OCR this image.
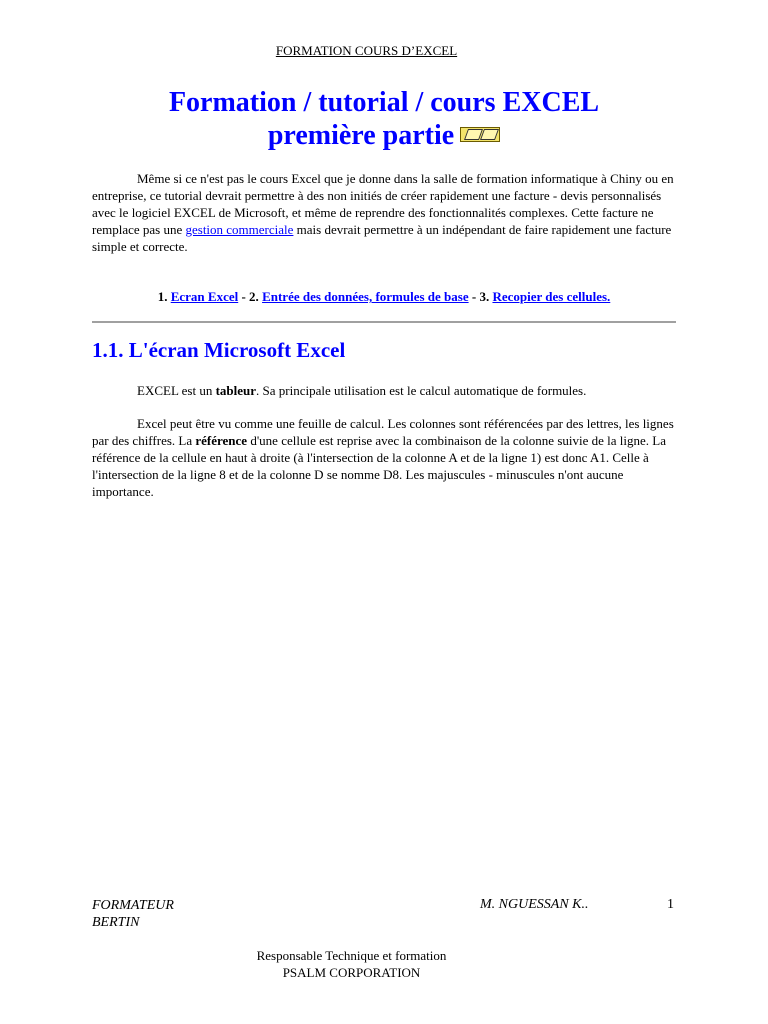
FORMATION COURS D’EXCEL
Formation / tutorial / cours EXCEL
première partie

Même si ce n'est pas le cours Excel que je donne dans la salle de formation informatique à Chiny ou en entreprise, ce tutorial devrait permettre à des non initiés de créer rapidement une facture - devis personnalisés avec le logiciel EXCEL de Microsoft, et même de reprendre des fonctionnalités complexes. Cette facture ne remplace pas une gestion commerciale mais devrait permettre à un indépendant de faire rapidement une facture simple et correcte.

1. Ecran Excel - 2. Entrée des données, formules de base - 3. Recopier des cellules.
1.1. L'écran Microsoft Excel

EXCEL est un tableur. Sa principale utilisation est le calcul automatique de formules.

Excel peut être vu comme une feuille de calcul. Les colonnes sont référencées par des lettres, les lignes par des chiffres. La référence d'une cellule est reprise avec la combinaison de la colonne suivie de la ligne. La référence de la cellule en haut à droite (à l'intersection de la colonne A et de la ligne 1) est donc A1. Celle à l'intersection de la ligne 8 et de la colonne D se nomme D8. Les majuscules - minuscules n'ont aucune importance.

FORMATEUR
BERTIN
M. NGUESSAN K..	1
Responsable Technique et formation
PSALM CORPORATION
